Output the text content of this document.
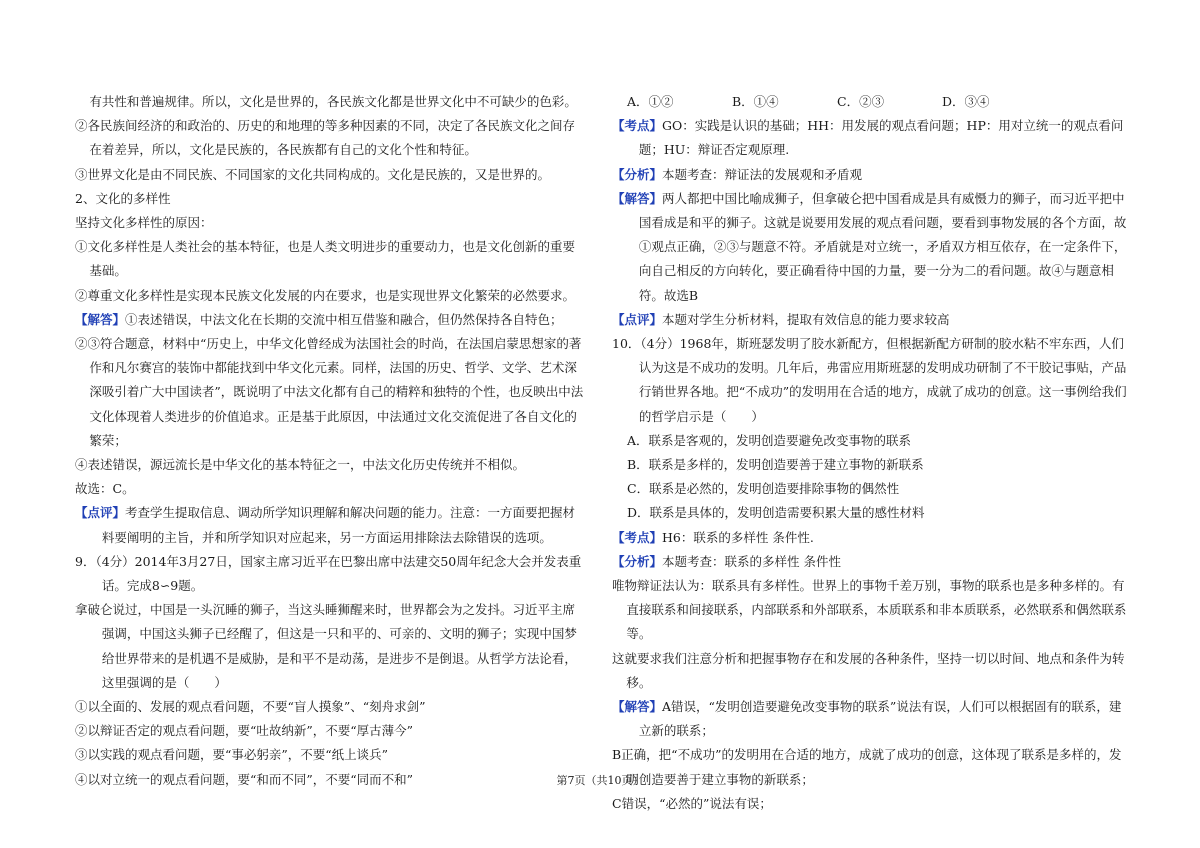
有共性和普遍规律。所以，文化是世界的，各民族文化都是世界文化中不可缺少的色彩。

②各民族间经济的和政治的、历史的和地理的等多种因素的不同，决定了各民族文化之间存在着差异，所以，文化是民族的，各民族都有自己的文化个性和特征。

③世界文化是由不同民族、不同国家的文化共同构成的。文化是民族的，又是世界的。

2、文化的多样性

坚持文化多样性的原因：

①文化多样性是人类社会的基本特征，也是人类文明进步的重要动力，也是文化创新的重要基础。

②尊重文化多样性是实现本民族文化发展的内在要求，也是实现世界文化繁荣的必然要求。

【解答】①表述错误，中法文化在长期的交流中相互借鉴和融合，但仍然保持各自特色；

②③符合题意，材料中“历史上，中华文化曾经成为法国社会的时尚，在法国启蒙思想家的著作和凡尔赛宫的装饰中都能找到中华文化元素。同样，法国的历史、哲学、文学、艺术深深吸引着广大中国读者”，既说明了中法文化都有自己的精粹和独特的个性，也反映出中法文化体现着人类进步的价值追求。正是基于此原因，中法通过文化交流促进了各自文化的繁荣；

④表述错误，源远流长是中华文化的基本特征之一，中法文化历史传统并不相似。

故选：C。

【点评】考查学生提取信息、调动所学知识理解和解决问题的能力。注意：一方面要把握材料要阐明的主旨，并和所学知识对应起来，另一方面运用排除法去除错误的选项。

9．（4分）2014年3月27日，国家主席习近平在巴黎出席中法建交50周年纪念大会并发表重话。完成8∽9题。

拿破仑说过，中国是一头沉睡的狮子，当这头睡狮醒来时，世界都会为之发抖。习近平主席强调，中国这头狮子已经醒了，但这是一只和平的、可亲的、文明的狮子；实现中国梦给世界带来的是机遇不是威胁，是和平不是动荡，是进步不是倒退。从哲学方法论看，这里强调的是（　　）

①以全面的、发展的观点看问题，不要“盲人摸象”、“刻舟求剑”

②以辩证否定的观点看问题，要“吐故纳新”，不要“厚古薄今”

③以实践的观点看问题，要“事必躬亲”，不要“纸上谈兵”

④以对立统一的观点看问题，要“和而不同”，不要“同而不和”

A．①②	B．①④	C．②③	D．③④

【考点】GO：实践是认识的基础；HH：用发展的观点看问题；HP：用对立统一的观点看问题；HU：辩证否定观原理.

【分析】本题考查：辩证法的发展观和矛盾观

【解答】两人都把中国比喻成狮子，但拿破仑把中国看成是具有威慑力的狮子，而习近平把中国看成是和平的狮子。这就是说要用发展的观点看问题，要看到事物发展的各个方面，故①观点正确，②③与题意不符。矛盾就是对立统一，矛盾双方相互依存，在一定条件下，向自己相反的方向转化，要正确看待中国的力量，要一分为二的看问题。故④与题意相符。故选B

【点评】本题对学生分析材料，提取有效信息的能力要求较高

10．（4分）1968年，斯班瑟发明了胶水新配方，但根据新配方研制的胶水粘不牢东西，人们认为这是不成功的发明。几年后，弗雷应用斯班瑟的发明成功研制了不干胶记事贴，产品行销世界各地。把“不成功”的发明用在合适的地方，成就了成功的创意。这一事例给我们的哲学启示是（　　）

A．联系是客观的，发明创造要避免改变事物的联系

B．联系是多样的，发明创造要善于建立事物的新联系

C．联系是必然的，发明创造要排除事物的偶然性

D．联系是具体的，发明创造需要积累大量的感性材料

【考点】H6：联系的多样性 条件性.

【分析】本题考查：联系的多样性 条件性

唯物辩证法认为：联系具有多样性。世界上的事物千差万别，事物的联系也是多种多样的。有直接联系和间接联系，内部联系和外部联系，本质联系和非本质联系，必然联系和偶然联系等。

这就要求我们注意分析和把握事物存在和发展的各种条件，坚持一切以时间、地点和条件为转移。

【解答】A错误，“发明创造要避免改变事物的联系”说法有误，人们可以根据固有的联系，建立新的联系；

B正确，把“不成功”的发明用在合适的地方，成就了成功的创意，这体现了联系是多样的，发明创造要善于建立事物的新联系；

C错误，“必然的”说法有误；

第7页（共10页）
